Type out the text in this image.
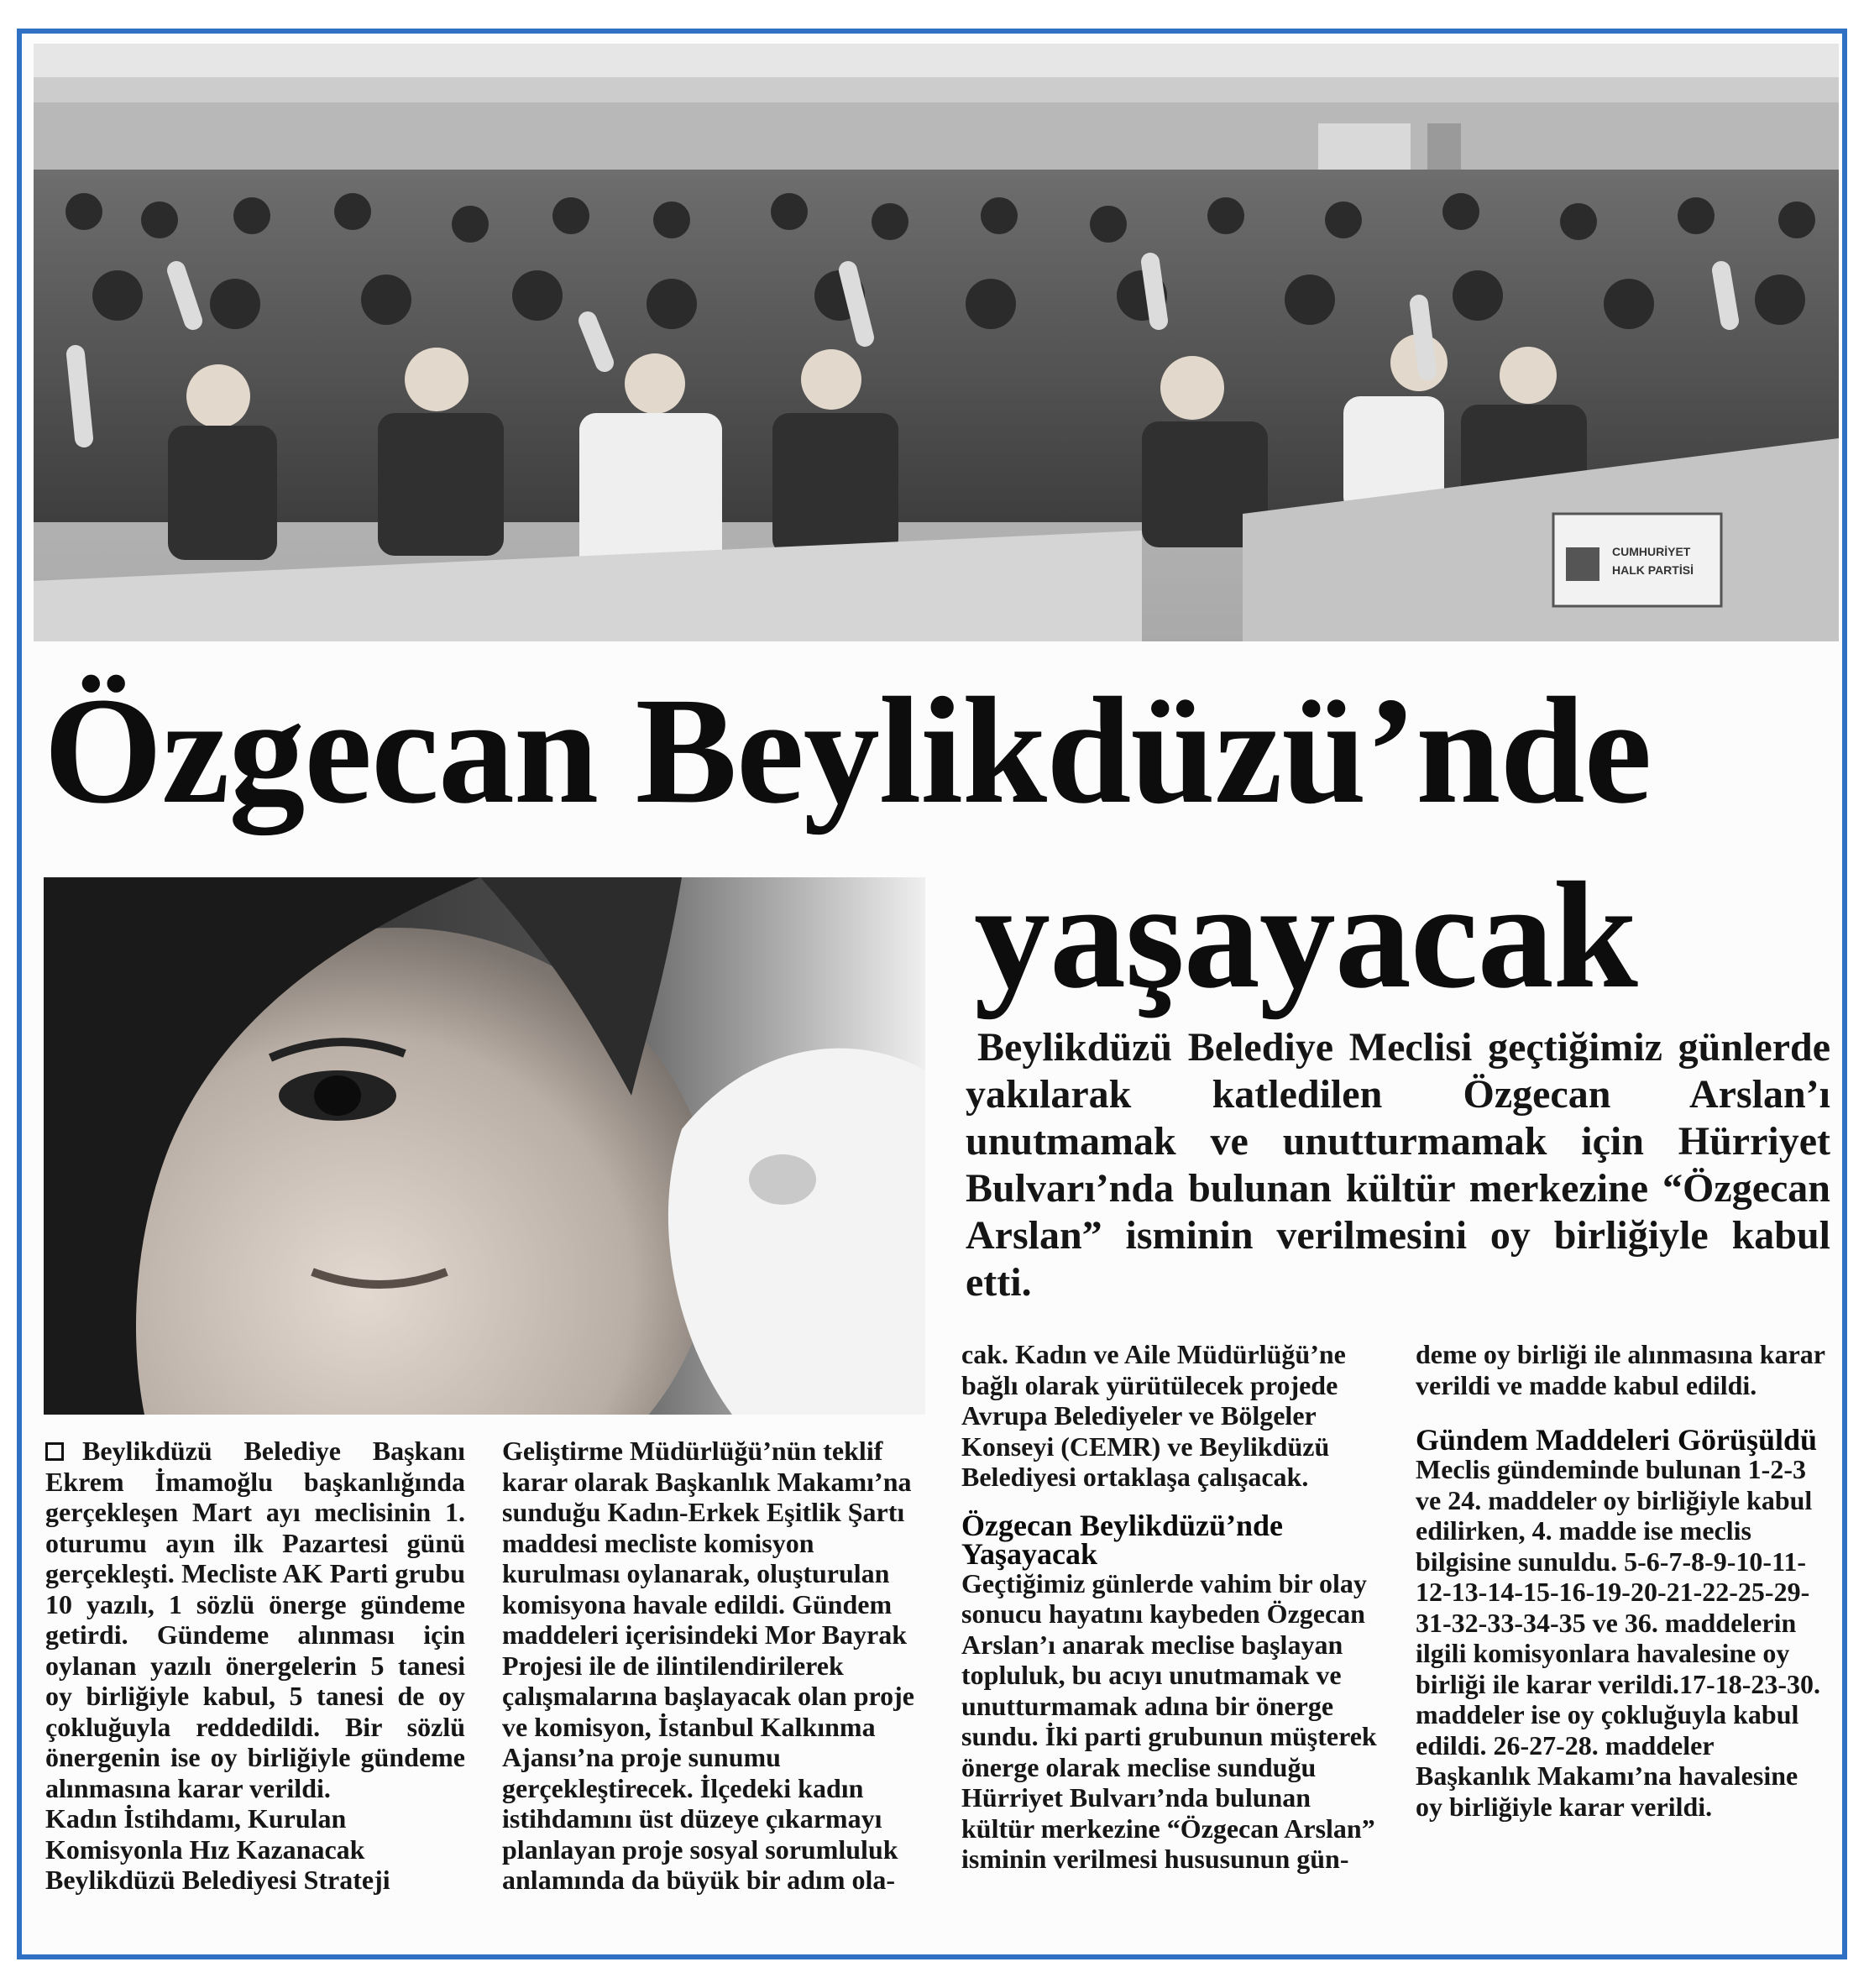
CUMHURİYET
HALK PARTİSİ
Özgecan Beylikdüzü’nde
yaşayacak
Beylikdüzü Belediye Meclisi geçtiğimiz günlerde yakılarak katledilen Özgecan Arslan’ı unutmamak ve unutturmamak için Hürriyet Bulvarı’nda bulunan kültür merkezine “Özgecan Arslan” isminin verilmesini oy birliğiyle kabul etti.

Beylikdüzü Belediye Başkanı Ekrem İmamoğlu başkanlığında gerçekleşen Mart ayı meclisinin 1. oturumu ayın ilk Pazartesi günü gerçekleşti. Mecliste AK Parti grubu 10 yazılı, 1 sözlü önerge gündeme getirdi. Gündeme alınması için oylanan yazılı önergelerin 5 tanesi oy birliğiyle kabul, 5 tanesi de oy çokluğuyla reddedildi. Bir sözlü önergenin ise oy birliğiyle gündeme alınmasına karar verildi.

Kadın İstihdamı, Kurulan Komisyonla Hız Kazanacak Beylikdüzü Belediyesi Strateji

Geliştirme Müdürlüğü’nün teklif karar olarak Başkanlık Makamı’na sunduğu Kadın-Erkek Eşitlik Şartı maddesi mecliste komisyon kurulması oylanarak, oluşturulan komisyona havale edildi. Gündem maddeleri içerisindeki Mor Bayrak Projesi ile de ilintilendirilerek çalışmalarına başlayacak olan proje ve komisyon, İstanbul Kalkınma Ajansı’na proje sunumu gerçekleştirecek. İlçedeki kadın istihdamını üst düzeye çıkarmayı planlayan proje sosyal sorumluluk anlamında da büyük bir adım ola-

cak. Kadın ve Aile Müdürlüğü’ne bağlı olarak yürütülecek projede Avrupa Belediyeler ve Bölgeler Konseyi (CEMR) ve Beylikdüzü Belediyesi ortaklaşa çalışacak.

Özgecan Beylikdüzü’nde Yaşayacak

Geçtiğimiz günlerde vahim bir olay sonucu hayatını kaybeden Özgecan Arslan’ı anarak meclise başlayan topluluk, bu acıyı unutmamak ve unutturmamak adına bir önerge sundu. İki parti grubunun müşterek önerge olarak meclise sunduğu Hürriyet Bulvarı’nda bulunan kültür merkezine “Özgecan Arslan” isminin verilmesi hususunun gün-

deme oy birliği ile alınmasına karar verildi ve madde kabul edildi.

Gündem Maddeleri Görüşüldü

Meclis gündeminde bulunan 1-2-3 ve 24. maddeler oy birliğiyle kabul edilirken, 4. madde ise meclis bilgisine sunuldu. 5-6-7-8-9-10-11-12-13-14-15-16-19-20-21-22-25-29-31-32-33-34-35 ve 36. maddelerin ilgili komisyonlara havalesine oy birliği ile karar verildi.17-18-23-30. maddeler ise oy çokluğuyla kabul edildi. 26-27-28. maddeler Başkanlık Makamı’na havalesine oy birliğiyle karar verildi.
